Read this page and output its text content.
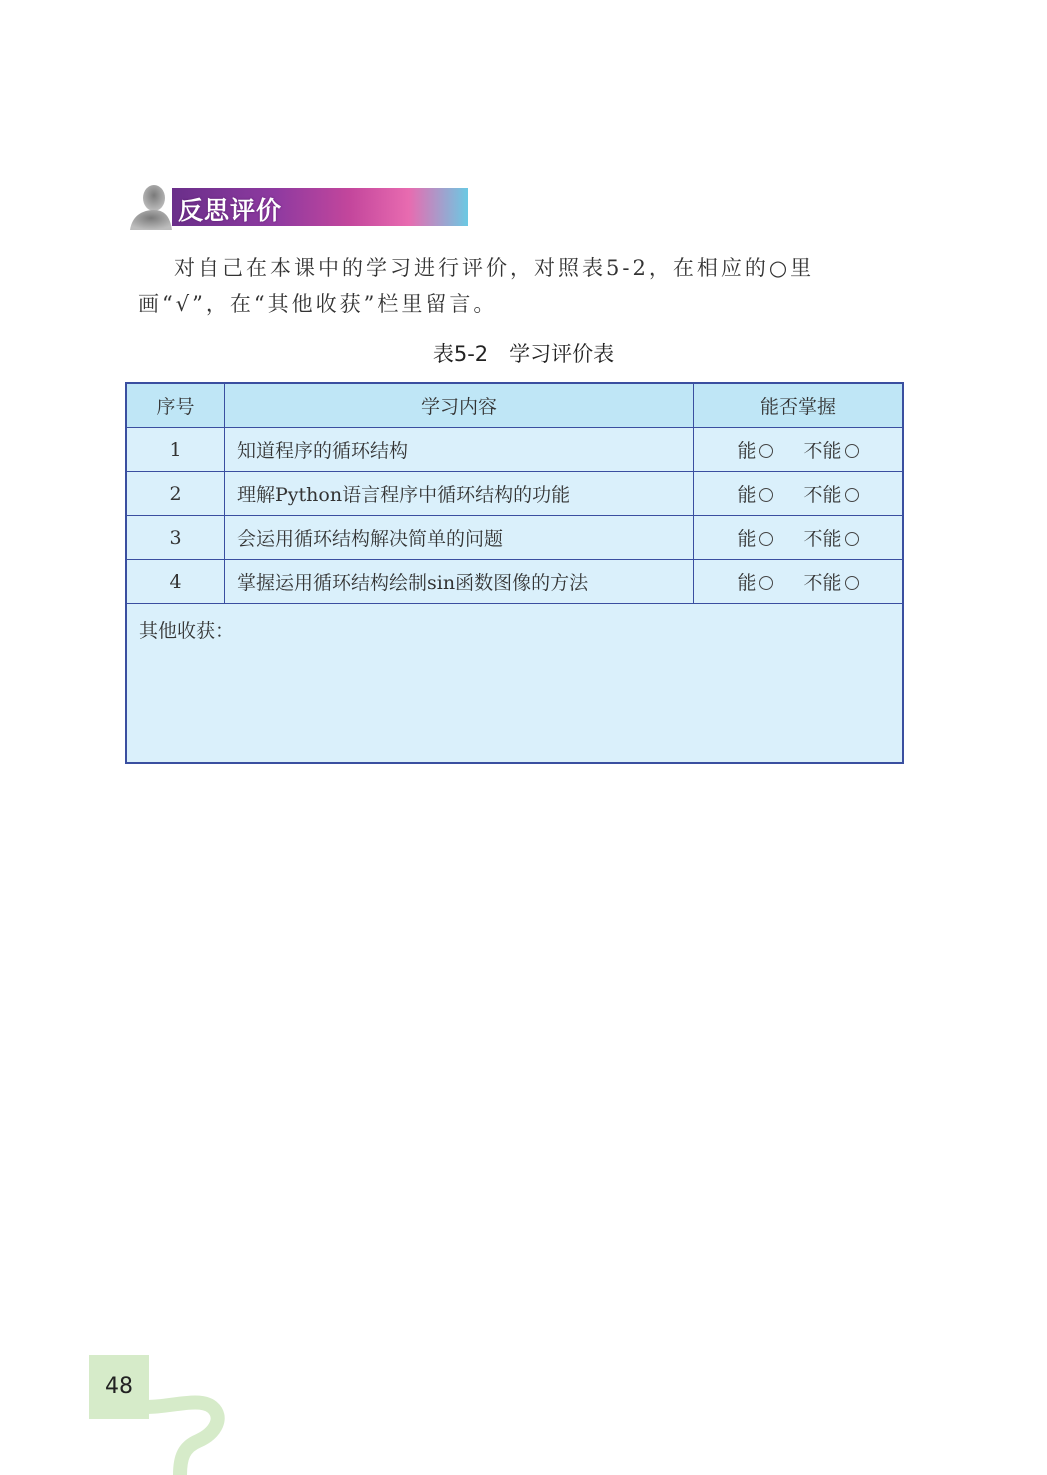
反思评价

对自己在本课中的学习进行评价，对照表5-2，在相应的○里画“√”，在“其他收获”栏里留言。

表5-2　学习评价表
序号	学习内容	能否掌握
1	知道程序的循环结构	能 不能
2	理解Python语言程序中循环结构的功能	能 不能
3	会运用循环结构解决简单的问题	能 不能
4	掌握运用循环结构绘制sin函数图像的方法	能 不能
其他收获：		
48
